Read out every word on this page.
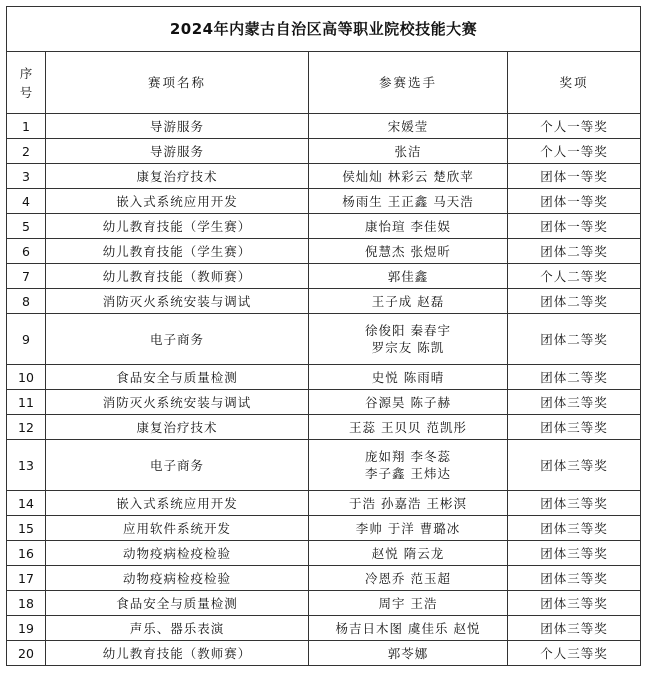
2024年内蒙古自治区高等职业院校技能大赛			

序
号	赛项名称	参赛选手	奖项
1	导游服务	宋媛莹	个人一等奖
2	导游服务	张洁	个人一等奖
3	康复治疗技术	侯灿灿 林彩云 楚欣苹	团体一等奖
4	嵌入式系统应用开发	杨雨生 王正鑫 马天浩	团体一等奖
5	幼儿教育技能（学生赛）	康怡瑄 李佳娱	团体一等奖
6	幼儿教育技能（学生赛）	倪慧杰 张煜昕	团体二等奖
7	幼儿教育技能（教师赛）	郭佳鑫	个人二等奖
8	消防灭火系统安装与调试	王子成 赵磊	团体二等奖
9	电子商务	徐俊阳 秦春宇
罗宗友 陈凯	团体二等奖
10	食品安全与质量检测	史悦 陈雨晴	团体二等奖
11	消防灭火系统安装与调试	谷源昊 陈子赫	团体三等奖
12	康复治疗技术	王蕊 王贝贝 范凯彤	团体三等奖
13	电子商务	庞如翔 李冬蕊
李子鑫 王炜达	团体三等奖
14	嵌入式系统应用开发	于浩 孙嘉浩 王彬溟	团体三等奖
15	应用软件系统开发	李帅 于洋 曹璐冰	团体三等奖
16	动物疫病检疫检验	赵悦 隋云龙	团体三等奖
17	动物疫病检疫检验	冷恩乔 范玉超	团体三等奖
18	食品安全与质量检测	周宇 王浩	团体三等奖
19	声乐、器乐表演	杨吉日木图 虞佳乐 赵悦	团体三等奖
20	幼儿教育技能（教师赛）	郭苓娜	个人三等奖
